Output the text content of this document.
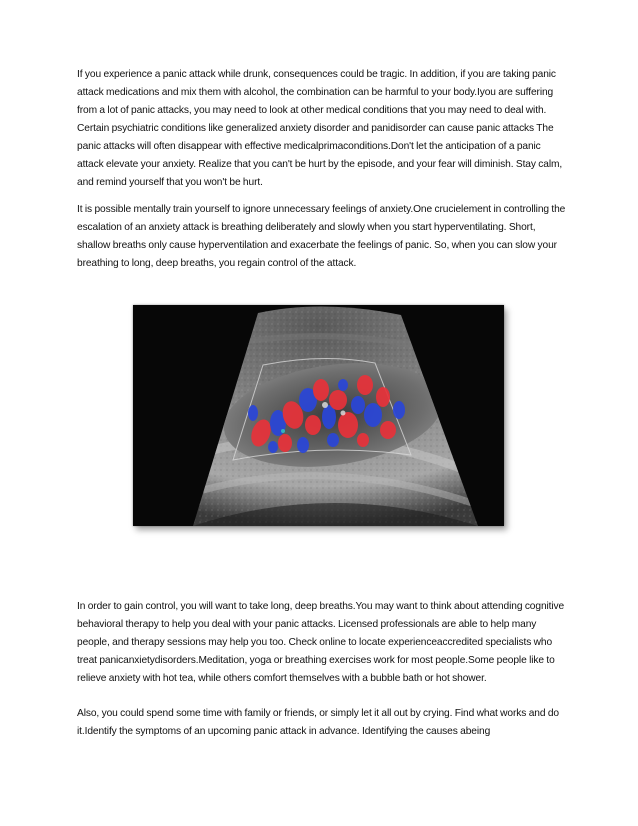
If you experience a panic attack while drunk, consequences could be tragic. In addition, if you are taking panic attack medications and mix them with alcohol, the combination can be harmful to your body.Iyou are suffering from a lot of panic attacks, you may need to look at other medical conditions that you may need to deal with. Certain psychiatric conditions like generalized anxiety disorder and panidisorder can cause panic attacks The panic attacks will often disappear with effective medicalprimaconditions.Don't let the anticipation of a panic attack elevate your anxiety. Realize that you can't be hurt by the episode, and your fear will diminish. Stay calm, and remind yourself that you won't be hurt.

It is possible mentally train yourself to ignore unnecessary feelings of anxiety.One crucielement in controlling the escalation of an anxiety attack is breathing deliberately and slowly when you start hyperventilating. Short, shallow breaths only cause hyperventilation and exacerbate the feelings of panic. So, when you can slow your breathing to long, deep breaths, you regain control of the attack.

In order to gain control, you will want to take long, deep breaths.You may want to think about attending cognitive behavioral therapy to help you deal with your panic attacks. Licensed professionals are able to help many people, and therapy sessions may help you too. Check online to locate experienceaccredited specialists who treat panicanxietydisorders.Meditation, yoga or breathing exercises work for most people.Some people like to relieve anxiety with hot tea, while others comfort themselves with a bubble bath or hot shower.

Also, you could spend some time with family or friends, or simply let it all out by crying. Find what works and do it.Identify the symptoms of an upcoming panic attack in advance. Identifying the causes abeing
